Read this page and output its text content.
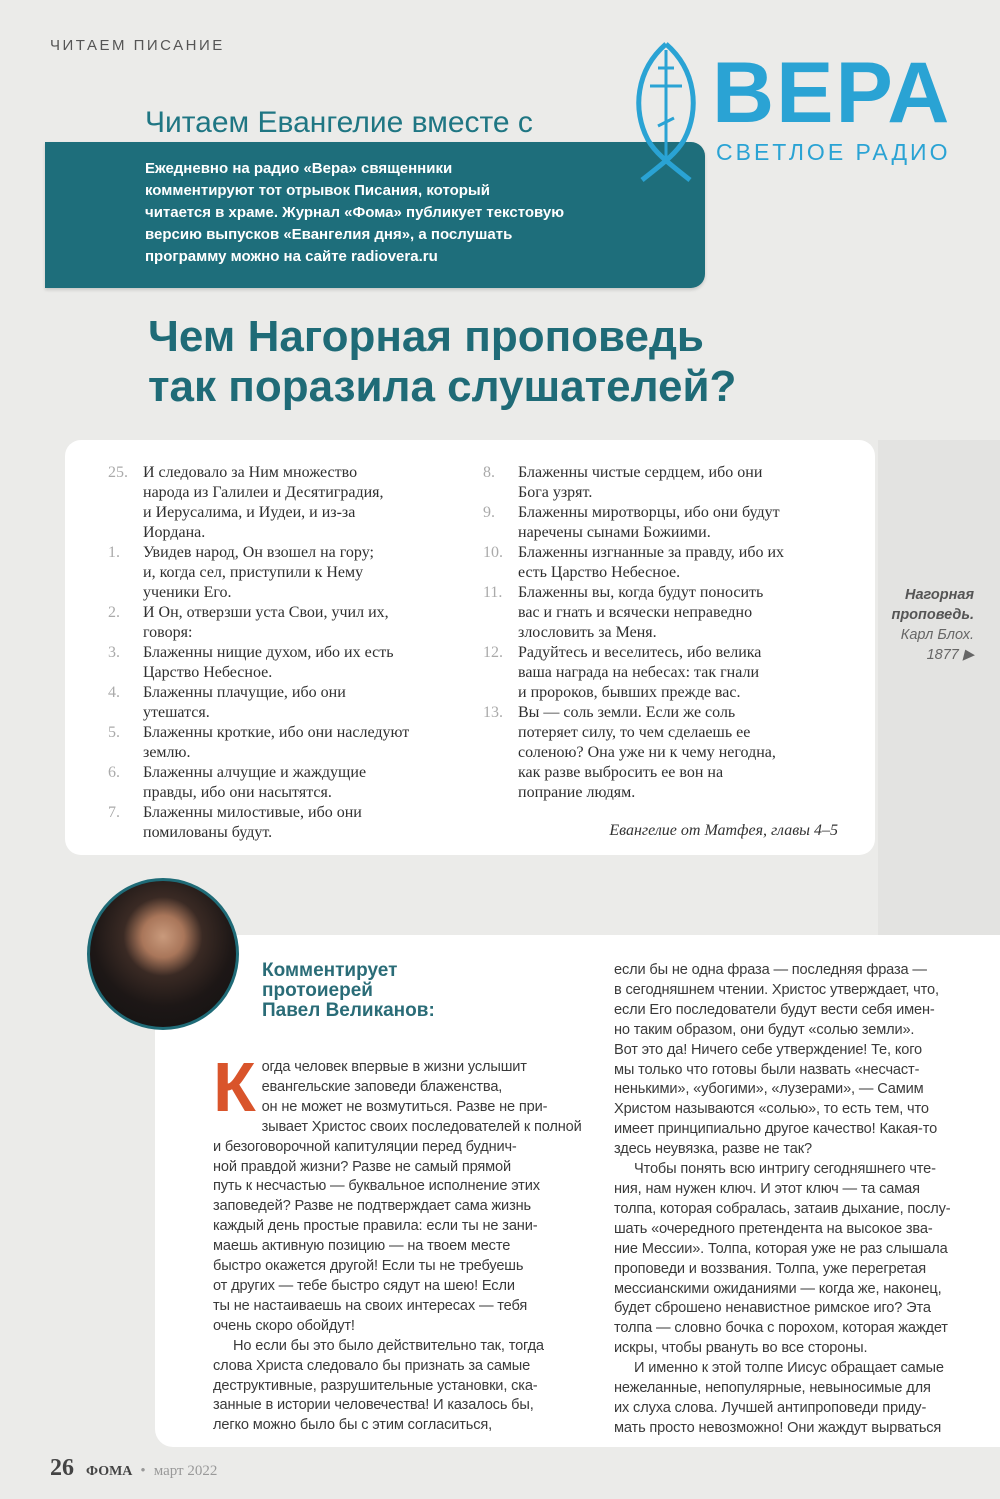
ЧИТАЕМ ПИСАНИЕ
Читаем Евангелие вместе с
Ежедневно на радио «Вера» священники
комментируют тот отрывок Писания, который
читается в храме. Журнал «Фома» публикует текстовую
версию выпусков «Евангелия дня», а послушать
программу можно на сайте radiovera.ru
ВЕРА
СВЕТЛОЕ РАДИО
Чем Нагорная проповедь
так поразила слушателей?
25. И следовало за Ним множество
народа из Галилеи и Десятиградия,
и Иерусалима, и Иудеи, и из-за
Иордана.
1.	Увидев народ, Он взошел на гору;
и, когда сел, приступили к Нему
ученики Его.
2.	И Он, отверзши уста Свои, учил их,
говоря:
3.	Блаженны нищие духом, ибо их есть
Царство Небесное.
4.	Блаженны плачущие, ибо они
утешатся.
5.	Блаженны кроткие, ибо они наследуют
землю.
6.	Блаженны алчущие и жаждущие
правды, ибо они насытятся.
7.	Блаженны милостивые, ибо они
помилованы будут.
8.	Блаженны чистые сердцем, ибо они
Бога узрят.
9.	Блаженны миротворцы, ибо они будут
наречены сынами Божиими.
10. Блаженны изгнанные за правду, ибо их
есть Царство Небесное.
11. Блаженны вы, когда будут поносить
вас и гнать и всячески неправедно
злословить за Меня.
12. Радуйтесь и веселитесь, ибо велика
ваша награда на небесах: так гнали
и пророков, бывших прежде вас.
13. Вы — соль земли. Если же соль
потеряет силу, то чем сделаешь ее
соленою? Она уже ни к чему негодна,
как разве выбросить ее вон на
попрание людям.
Евангелие от Матфея, главы 4–5
Нагорная проповедь.
Карл Блох.
1877 ▶
Комментирует
протоиерей
Павел Великанов:
К огда человек впервые в жизни услышит
евангельские заповеди блаженства,
он не может не возмутиться. Разве не при-
зывает Христос своих последователей к полной
и безоговорочной капитуляции перед буднич-
ной правдой жизни? Разве не самый прямой
путь к несчастью — буквальное исполнение этих
заповедей? Разве не подтверждает сама жизнь
каждый день простые правила: если ты не зани-
маешь активную позицию — на твоем месте
быстро окажется другой! Если ты не требуешь
от других — тебе быстро сядут на шею! Если
ты не настаиваешь на своих интересах — тебя
очень скоро обойдут!

Но если бы это было действительно так, тогда
слова Христа следовало бы признать за самые
деструктивные, разрушительные установки, ска-
занные в истории человечества! И казалось бы,
легко можно было бы с этим согласиться,

если бы не одна фраза — последняя фраза —
в сегодняшнем чтении. Христос утверждает, что,
если Его последователи будут вести себя имен-
но таким образом, они будут «солью земли».
Вот это да! Ничего себе утверждение! Те, кого
мы только что готовы были назвать «несчаст-
ненькими», «убогими», «лузерами», — Самим
Христом называются «солью», то есть тем, что
имеет принципиально другое качество! Какая-то
здесь неувязка, разве не так?

Чтобы понять всю интригу сегодняшнего чте-
ния, нам нужен ключ. И этот ключ — та самая
толпа, которая собралась, затаив дыхание, послу-
шать «очередного претендента на высокое зва-
ние Мессии». Толпа, которая уже не раз слышала
проповеди и воззвания. Толпа, уже перегретая
мессианскими ожиданиями — когда же, наконец,
будет сброшено ненавистное римское иго? Эта
толпа — словно бочка с порохом, которая жаждет
искры, чтобы рвануть во все стороны.

И именно к этой толпе Иисус обращает самые
нежеланные, непопулярные, невыносимые для
их слуха слова. Лучшей антипроповеди приду-
мать просто невозможно! Они жаждут вырваться

26 ФОМА • март 2022
